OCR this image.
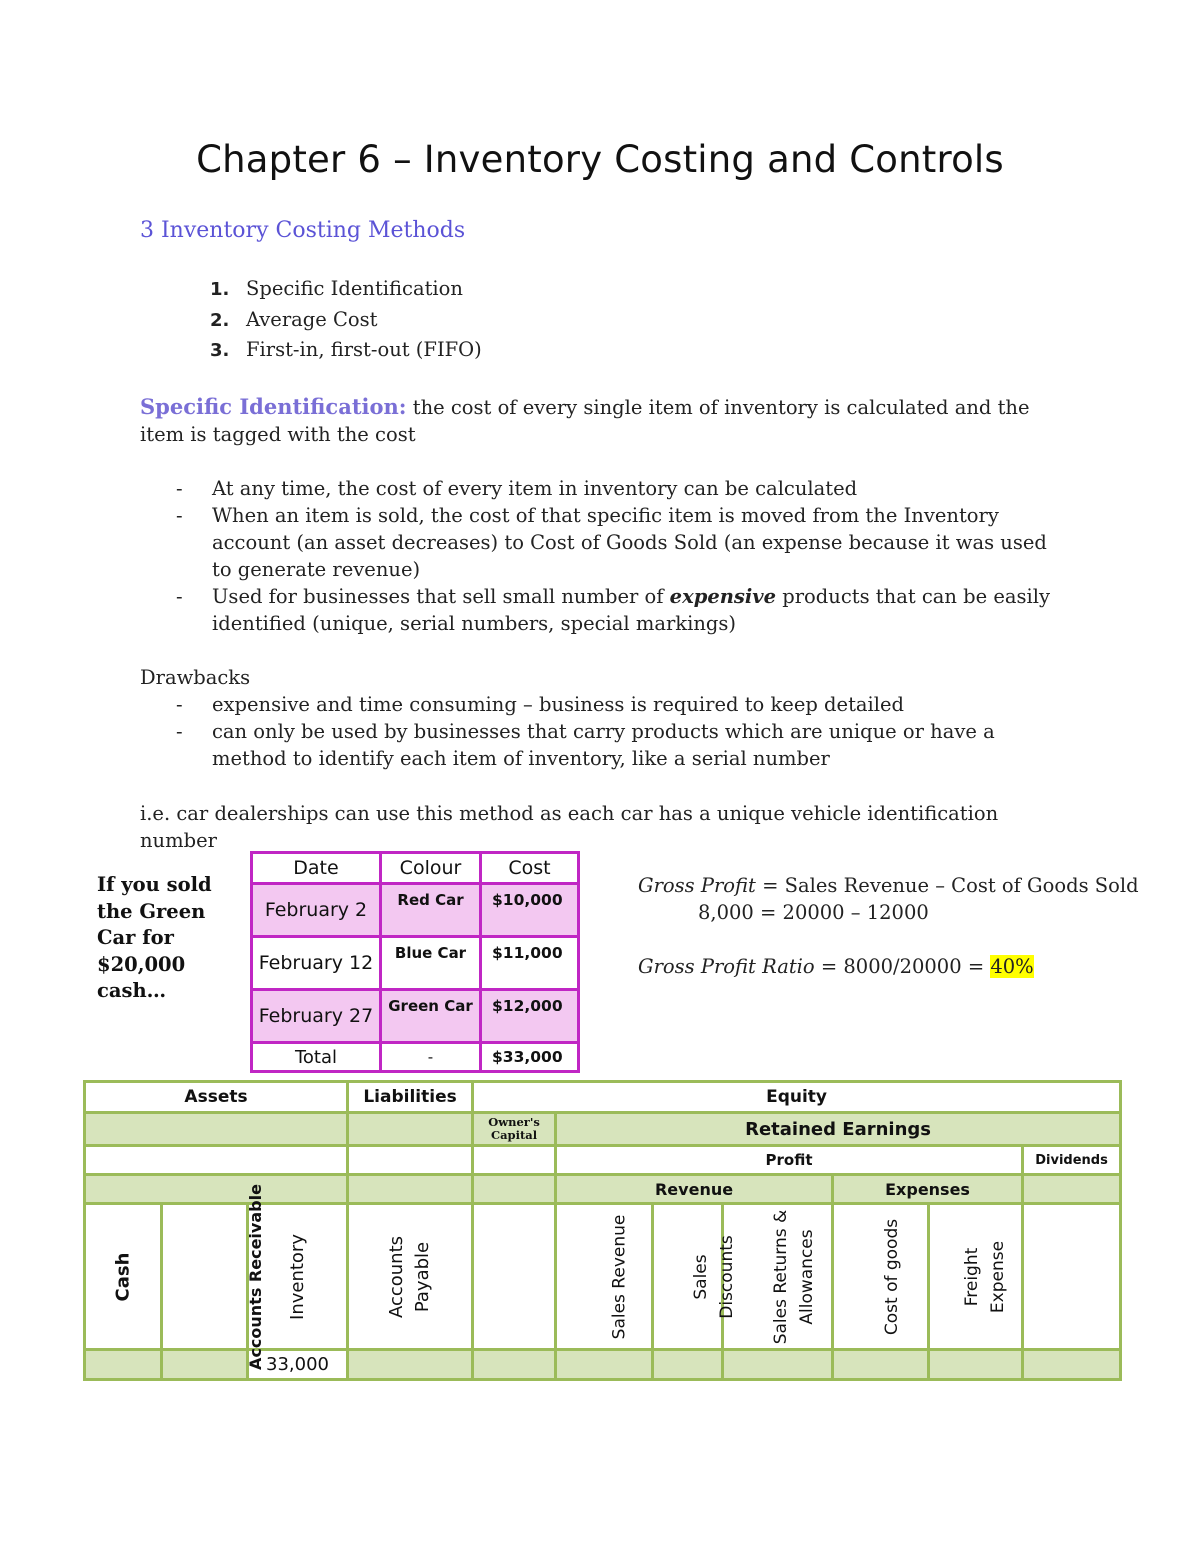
Chapter 6 – Inventory Costing and Controls
3 Inventory Costing Methods
1. Specific Identification
2. Average Cost
3. First-in, first-out (FIFO)
Specific Identification: the cost of every single item of inventory is calculated and the item is tagged with the cost
- At any time, the cost of every item in inventory can be calculated
- When an item is sold, the cost of that specific item is moved from the Inventory account (an asset decreases) to Cost of Goods Sold (an expense because it was used to generate revenue)
- Used for businesses that sell small number of expensive products that can be easily identified (unique, serial numbers, special markings)
Drawbacks
- expensive and time consuming – business is required to keep detailed
- can only be used by businesses that carry products which are unique or have a method to identify each item of inventory, like a serial number
i.e. car dealerships can use this method as each car has a unique vehicle identification number
If you sold the Green Car for $20,000 cash…
Date	Colour	Cost
February 2	Red Car	$10,000
February 12	Blue Car	$11,000
February 27	Green Car	$12,000
Total	-	$33,000
Gross Profit = Sales Revenue – Cost of Goods Sold
8,000 = 20000 – 12000
Gross Profit Ratio = 8000/20000 = 40%
Assets			Liabilities	Equity						
				Owner's Capital	Retained Earnings					
					Profit					Dividends
					Revenue			Expenses		
Cash	Accounts Receivable	Inventory	Accounts Payable		Sales Revenue	Sales Discounts	Sales Returns & Allowances	Cost of goods	Freight Expense	
		33,000								
